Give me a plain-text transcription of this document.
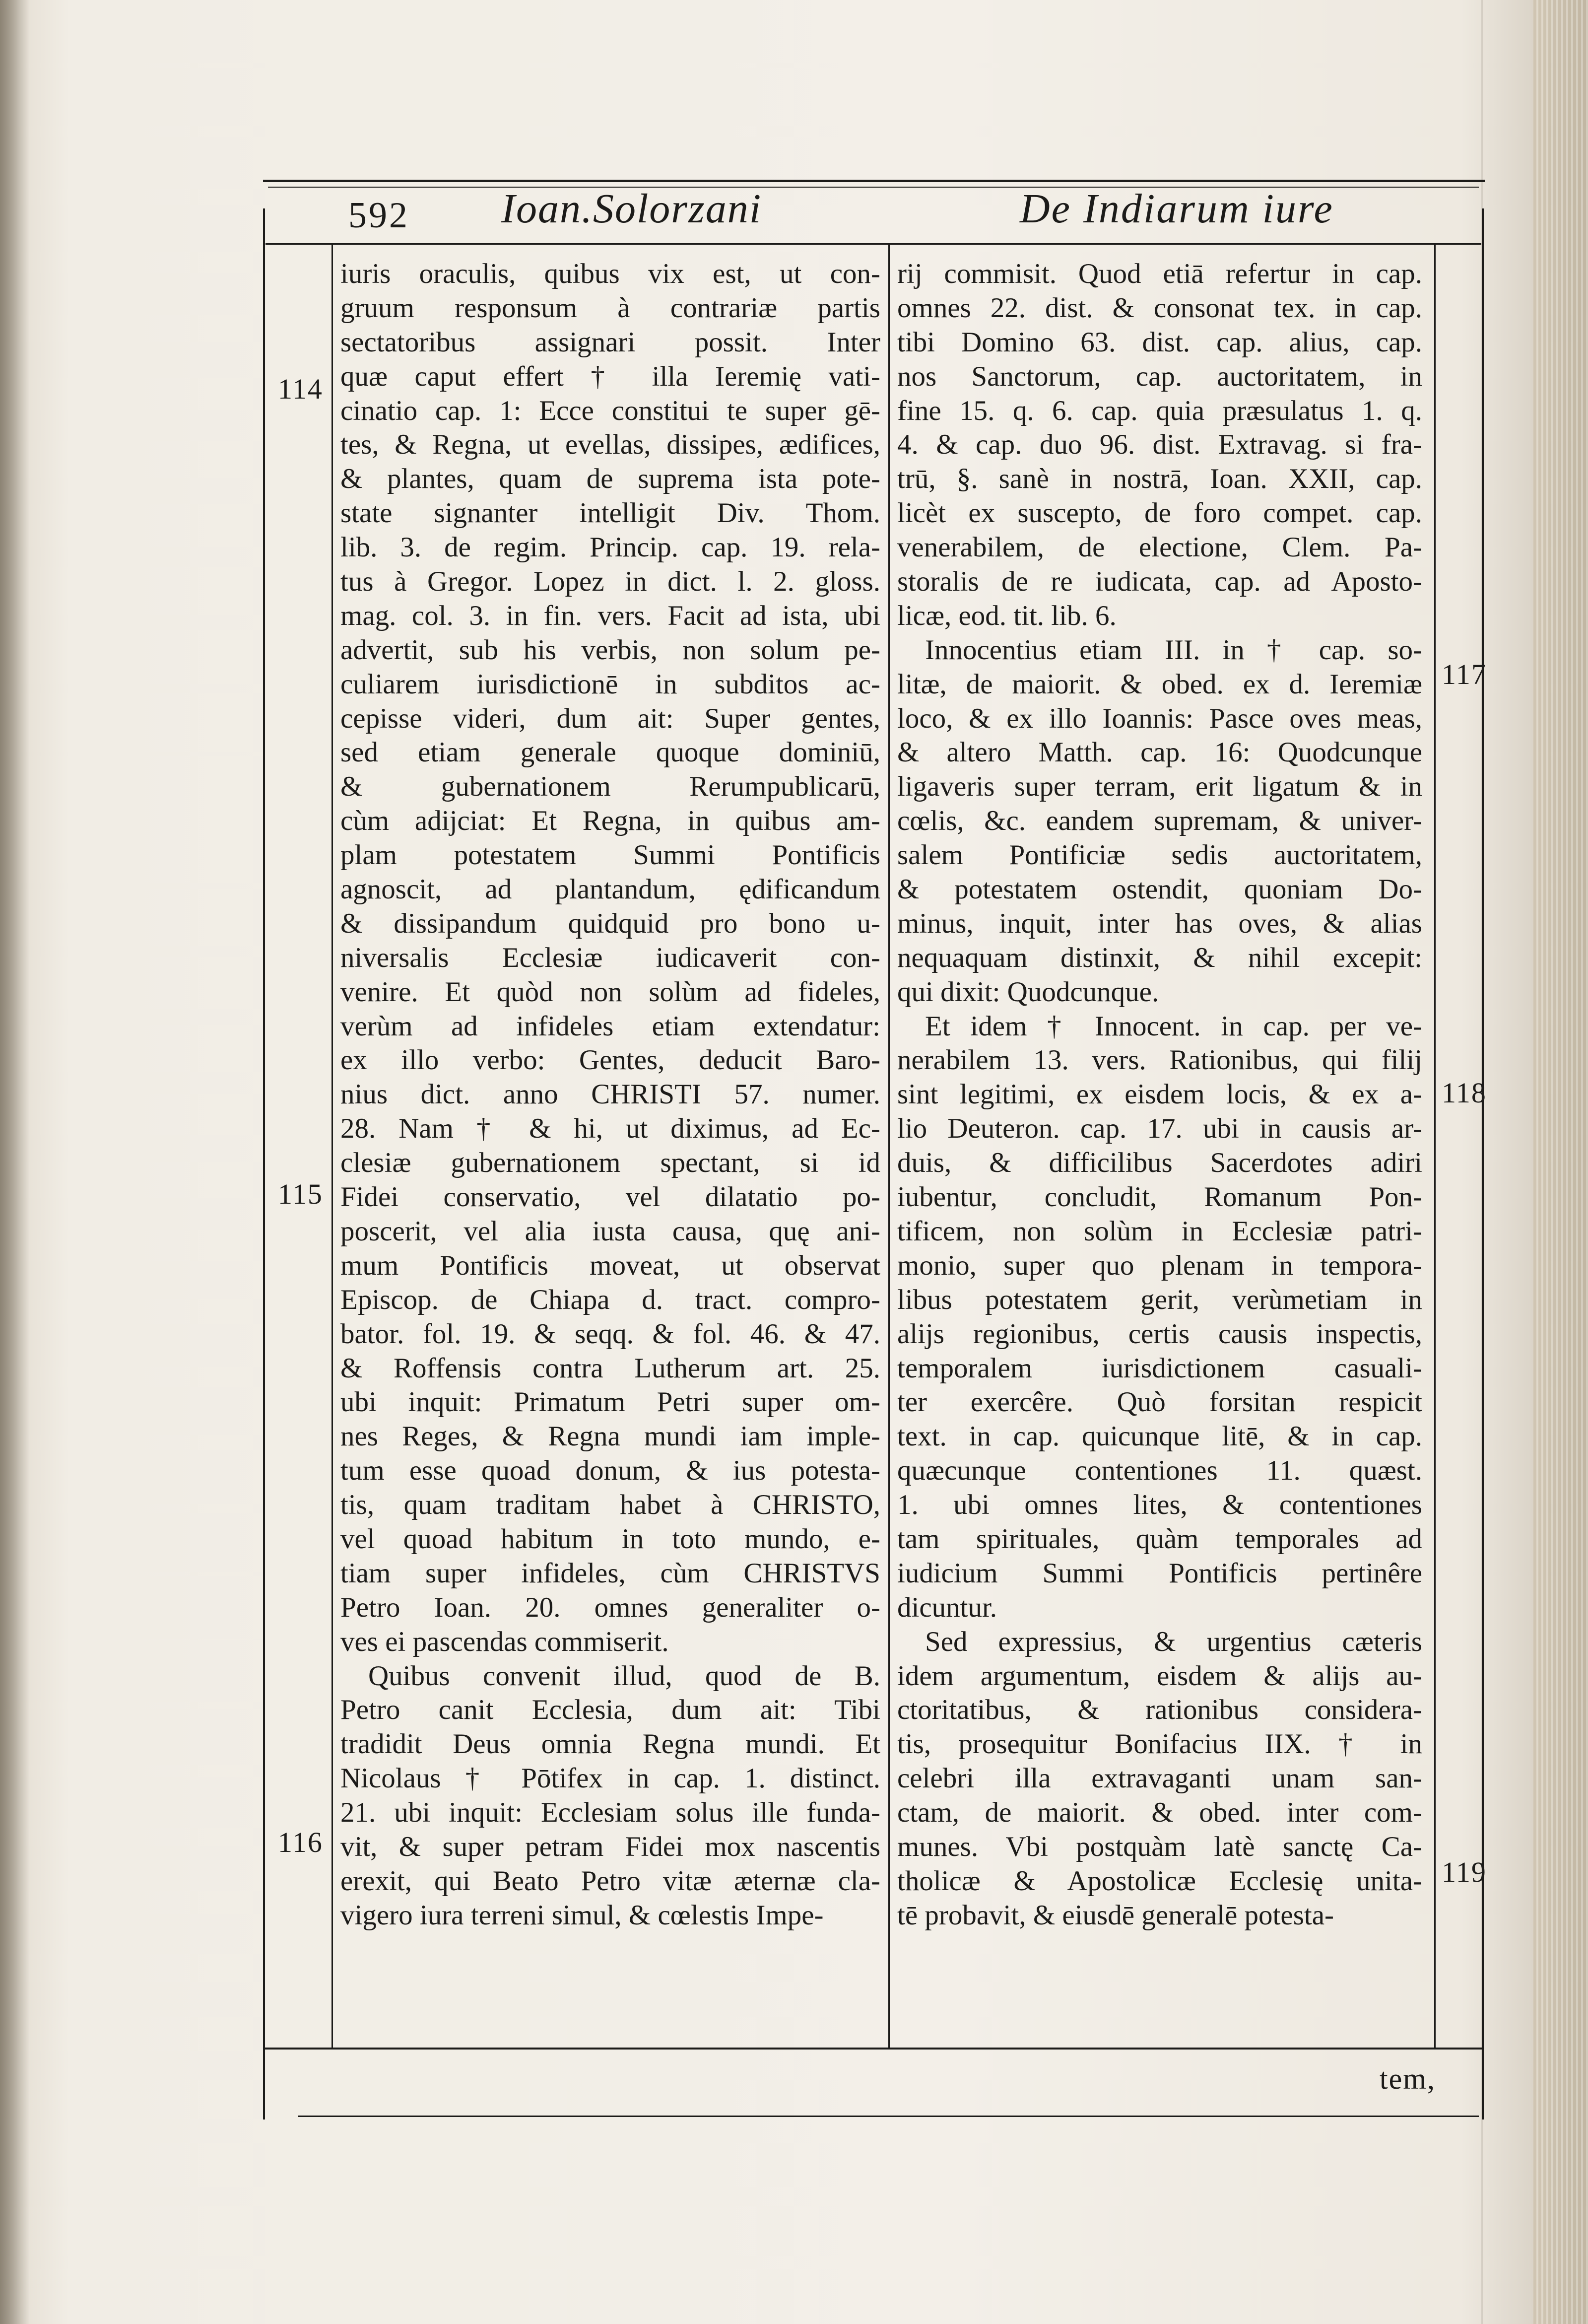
592 Ioan.Solorzani	De Indiarum iure
iuris oraculis, quibus vix est, ut con-
gruum responsum à contrariæ partis
sectatoribus assignari possit. Inter
quæ caput effert † illa Ieremię vati-
cinatio cap. 1: Ecce constitui te super gē-
tes, & Regna, ut evellas, dissipes, ædifices,
& plantes, quam de suprema ista pote-
state signanter intelligit Div. Thom.
lib. 3. de regim. Princip. cap. 19. rela-
tus à Gregor. Lopez in dict. l. 2. gloss.
mag. col. 3. in fin. vers. Facit ad ista, ubi
advertit, sub his verbis, non solum pe-
culiarem iurisdictionē in subditos ac-
cepisse videri, dum ait: Super gentes,
sed etiam generale quoque dominiū,
& gubernationem Rerumpublicarū,
cùm adijciat: Et Regna, in quibus am-
plam potestatem Summi Pontificis
agnoscit, ad plantandum, ędificandum
& dissipandum quidquid pro bono u-
niversalis Ecclesiæ iudicaverit con-
venire. Et quòd non solùm ad fideles,
verùm ad infideles etiam extendatur:
ex illo verbo: Gentes, deducit Baro-
nius dict. anno CHRISTI 57. numer.
28. Nam † & hi, ut diximus, ad Ec-
clesiæ gubernationem spectant, si id
Fidei conservatio, vel dilatatio po-
poscerit, vel alia iusta causa, quę ani-
mum Pontificis moveat, ut observat
Episcop. de Chiapa d. tract. compro-
bator. fol. 19. & seqq. & fol. 46. & 47.
& Roffensis contra Lutherum art. 25.
ubi inquit: Primatum Petri super om-
nes Reges, & Regna mundi iam imple-
tum esse quoad donum, & ius potesta-
tis, quam traditam habet à CHRISTO,
vel quoad habitum in toto mundo, e-
tiam super infideles, cùm CHRISTVS
Petro Ioan. 20. omnes generaliter o-
ves ei pascendas commiserit.
Quibus convenit illud, quod de B.
Petro canit Ecclesia, dum ait: Tibi
tradidit Deus omnia Regna mundi. Et
Nicolaus † Pōtifex in cap. 1. distinct.
21. ubi inquit: Ecclesiam solus ille funda-
vit, & super petram Fidei mox nascentis
erexit, qui Beato Petro vitæ æternæ cla-
vigero iura terreni simul, & cœlestis Impe-
rij commisit. Quod etiā refertur in cap.
omnes 22. dist. & consonat tex. in cap.
tibi Domino 63. dist. cap. alius, cap.
nos Sanctorum, cap. auctoritatem, in
fine 15. q. 6. cap. quia præsulatus 1. q.
4. & cap. duo 96. dist. Extravag. si fra-
trū, §. sanè in nostrā, Ioan. XXII, cap.
licèt ex suscepto, de foro compet. cap.
venerabilem, de electione, Clem. Pa-
storalis de re iudicata, cap. ad Aposto-
licæ, eod. tit. lib. 6.
Innocentius etiam III. in † cap. so-
litæ, de maiorit. & obed. ex d. Ieremiæ
loco, & ex illo Ioannis: Pasce oves meas,
& altero Matth. cap. 16: Quodcunque
ligaveris super terram, erit ligatum & in
cœlis, &c. eandem supremam, & univer-
salem Pontificiæ sedis auctoritatem,
& potestatem ostendit, quoniam Do-
minus, inquit, inter has oves, & alias
nequaquam distinxit, & nihil excepit:
qui dixit: Quodcunque.
Et idem † Innocent. in cap. per ve-
nerabilem 13. vers. Rationibus, qui filij
sint legitimi, ex eisdem locis, & ex a-
lio Deuteron. cap. 17. ubi in causis ar-
duis, & difficilibus Sacerdotes adiri
iubentur, concludit, Romanum Pon-
tificem, non solùm in Ecclesiæ patri-
monio, super quo plenam in tempora-
libus potestatem gerit, verùmetiam in
alijs regionibus, certis causis inspectis,
temporalem iurisdictionem casuali-
ter exercêre. Quò forsitan respicit
text. in cap. quicunque litē, & in cap.
quæcunque contentiones 11. quæst.
1. ubi omnes lites, & contentiones
tam spirituales, quàm temporales ad
iudicium Summi Pontificis pertinêre
dicuntur.
Sed expressius, & urgentius cæteris
idem argumentum, eisdem & alijs au-
ctoritatibus, & rationibus considera-
tis, prosequitur Bonifacius IIX. † in
celebri illa extravaganti unam san-
ctam, de maiorit. & obed. inter com-
munes. Vbi postquàm latè sanctę Ca-
tholicæ & Apostolicæ Ecclesię unita-
tē probavit, & eiusdē generalē potesta-
114
115
116
117
118
119
tem,
